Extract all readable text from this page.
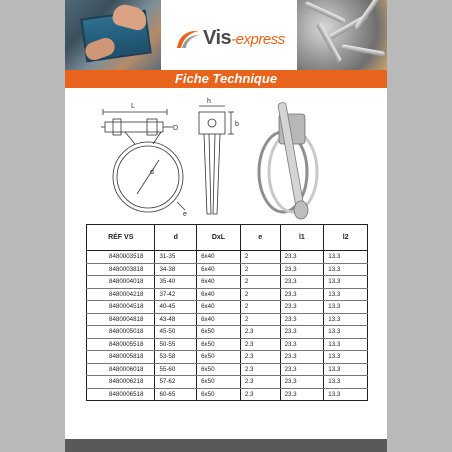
Vis-express
Fiche Technique
L
D
d
e
h
b
RÉF VS	d	DxL	e	l1	l2
8480003518	31-35	6x40	2	23.3	13.3
8480003818	34-38	6x40	2	23.3	13.3
8480004018	35-40	6x40	2	23.3	13.3
8480004218	37-42	6x40	2	23.3	13.3
8480004518	40-45	6x40	2	23.3	13.3
8480004818	43-48	6x40	2	23.3	13.3
8480005018	45-50	6x50	2.3	23.3	13.3
8480005518	50-55	6x50	2.3	23.3	13.3
8480005818	53-58	6x50	2.3	23.3	13.3
8480006018	55-60	6x50	2.3	23.3	13.3
8480006218	57-62	6x50	2.3	23.3	13.3
8480006518	60-65	6x50	2.3	23.3	13.3
